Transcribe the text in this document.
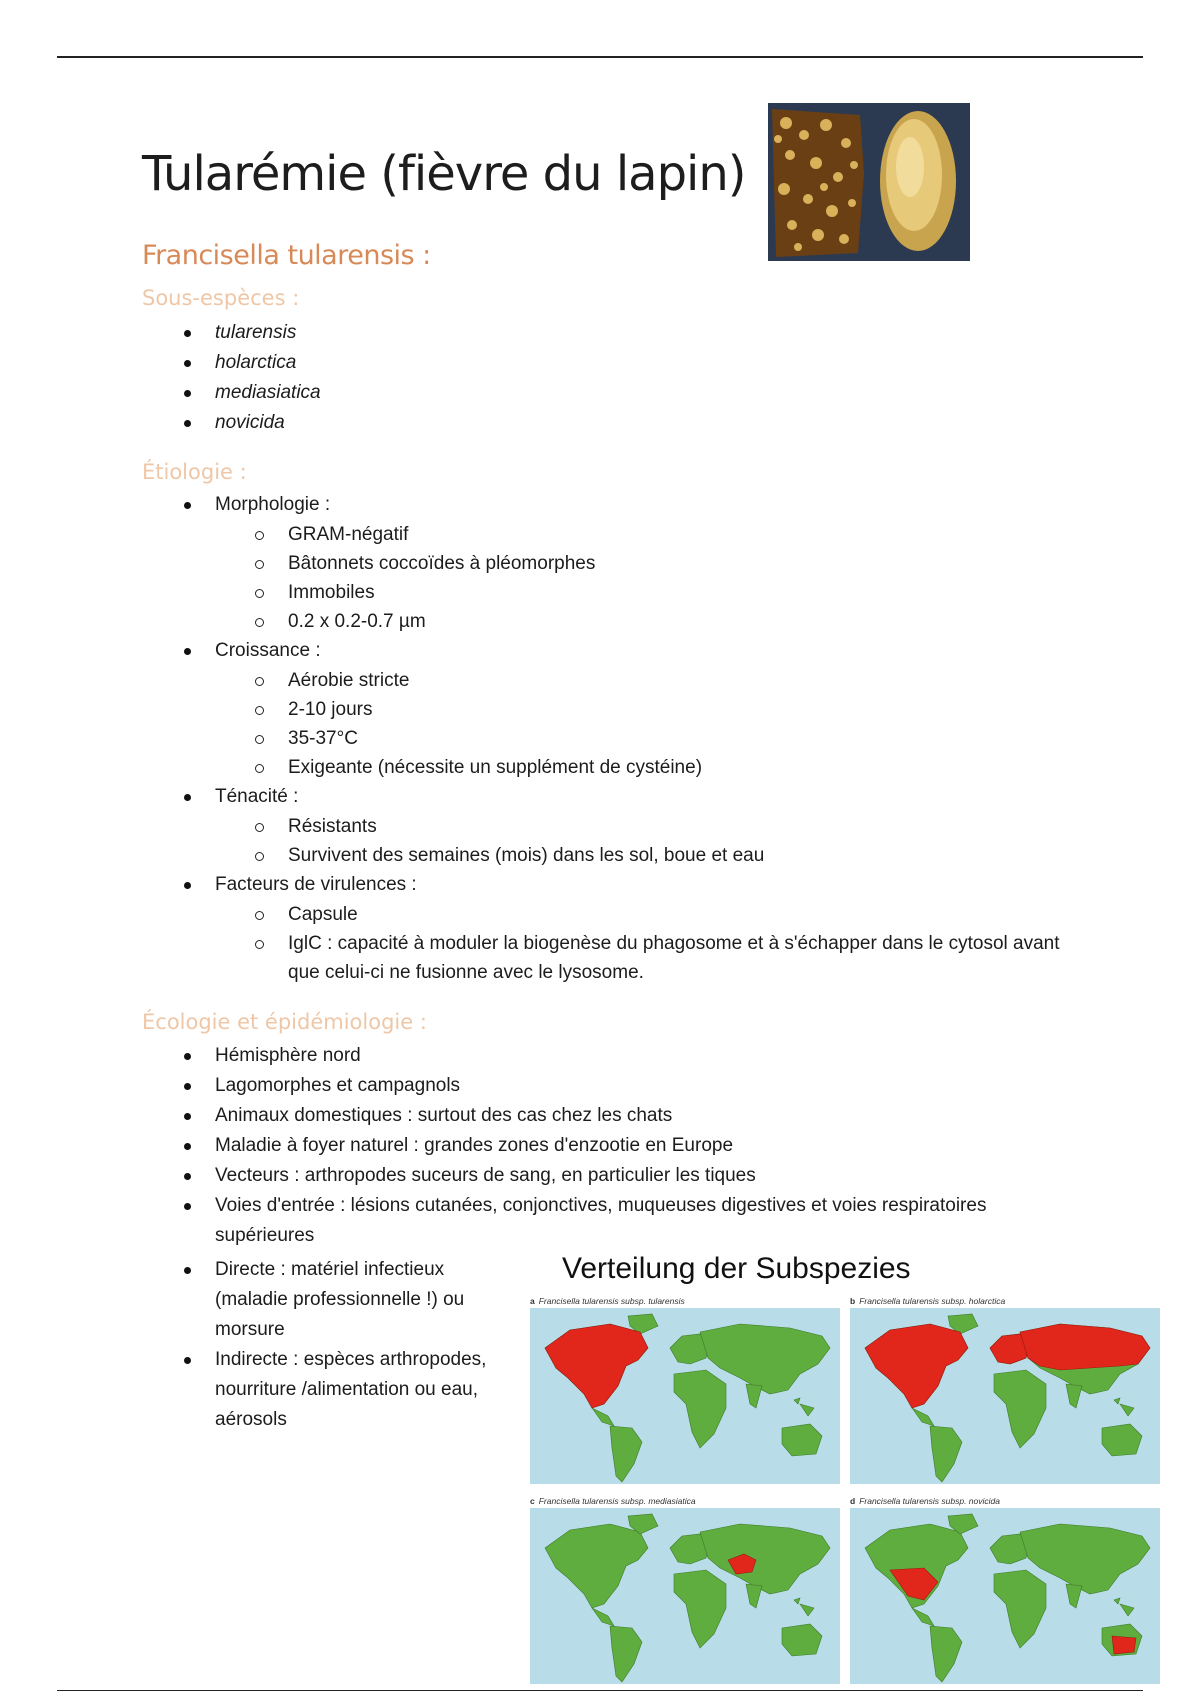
Tularémie (fièvre du lapin)
Francisella tularensis :
Sous-espèces :
tularensis
holarctica
mediasiatica
novicida
Étiologie :
Morphologie :
GRAM-négatif
Bâtonnets coccoïdes à pléomorphes
Immobiles
0.2 x 0.2-0.7 µm
Croissance :
Aérobie stricte
2-10 jours
35-37°C
Exigeante (nécessite un supplément de cystéine)
Ténacité :
Résistants
Survivent des semaines (mois) dans les sol, boue et eau
Facteurs de virulences :
Capsule
IglC : capacité à moduler la biogenèse du phagosome et à s'échapper dans le cytosol avant que celui-ci ne fusionne avec le lysosome.
Écologie et épidémiologie :
Hémisphère nord
Lagomorphes et campagnols
Animaux domestiques : surtout des cas chez les chats
Maladie à foyer naturel : grandes zones d'enzootie en Europe
Vecteurs : arthropodes suceurs de sang, en particulier les tiques
Voies d'entrée : lésions cutanées, conjonctives, muqueuses digestives et voies respiratoires supérieures
Directe : matériel infectieux (maladie professionnelle !) ou morsure
Indirecte : espèces arthropodes, nourriture /alimentation ou eau, aérosols
Verteilung der Subspezies
a Francisella tularensis subsp. tularensis	b Francisella tularensis subsp. holarctica
c Francisella tularensis subsp. mediasiatica	d Francisella tularensis subsp. novicida
